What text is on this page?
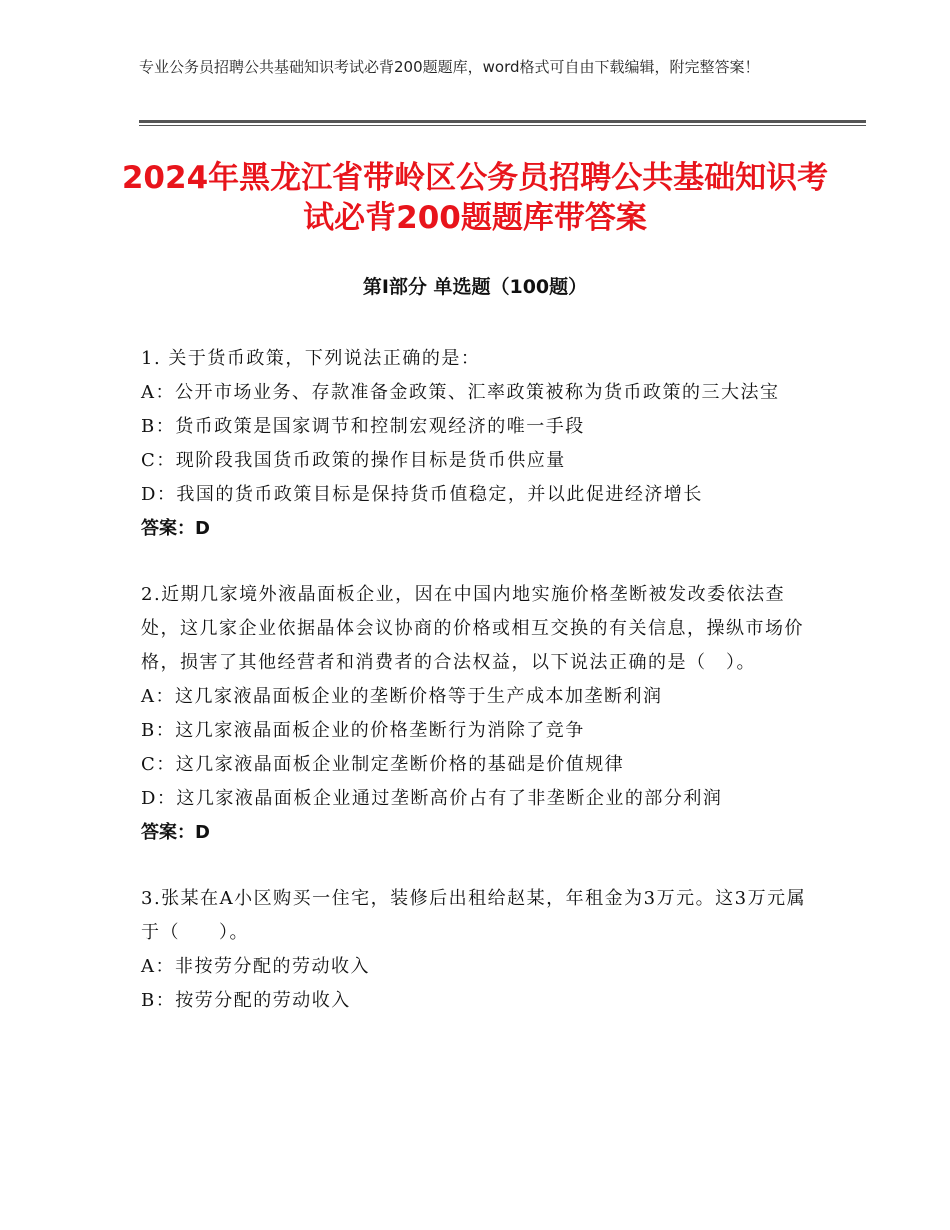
专业公务员招聘公共基础知识考试必背200题题库，word格式可自由下载编辑，附完整答案！
2024年黑龙江省带岭区公务员招聘公共基础知识考试必背200题题库带答案
第Ⅰ部分 单选题（100题）
1. 关于货币政策，下列说法正确的是：
A：公开市场业务、存款准备金政策、汇率政策被称为货币政策的三大法宝
B：货币政策是国家调节和控制宏观经济的唯一手段
C：现阶段我国货币政策的操作目标是货币供应量
D：我国的货币政策目标是保持货币值稳定，并以此促进经济增长
答案：D
2.近期几家境外液晶面板企业，因在中国内地实施价格垄断被发改委依法查处，这几家企业依据晶体会议协商的价格或相互交换的有关信息，操纵市场价格，损害了其他经营者和消费者的合法权益，以下说法正确的是（　）。
A：这几家液晶面板企业的垄断价格等于生产成本加垄断利润
B：这几家液晶面板企业的价格垄断行为消除了竞争
C：这几家液晶面板企业制定垄断价格的基础是价值规律
D：这几家液晶面板企业通过垄断高价占有了非垄断企业的部分利润
答案：D
3.张某在A小区购买一住宅，装修后出租给赵某，年租金为3万元。这3万元属于（　　）。
A：非按劳分配的劳动收入
B：按劳分配的劳动收入
